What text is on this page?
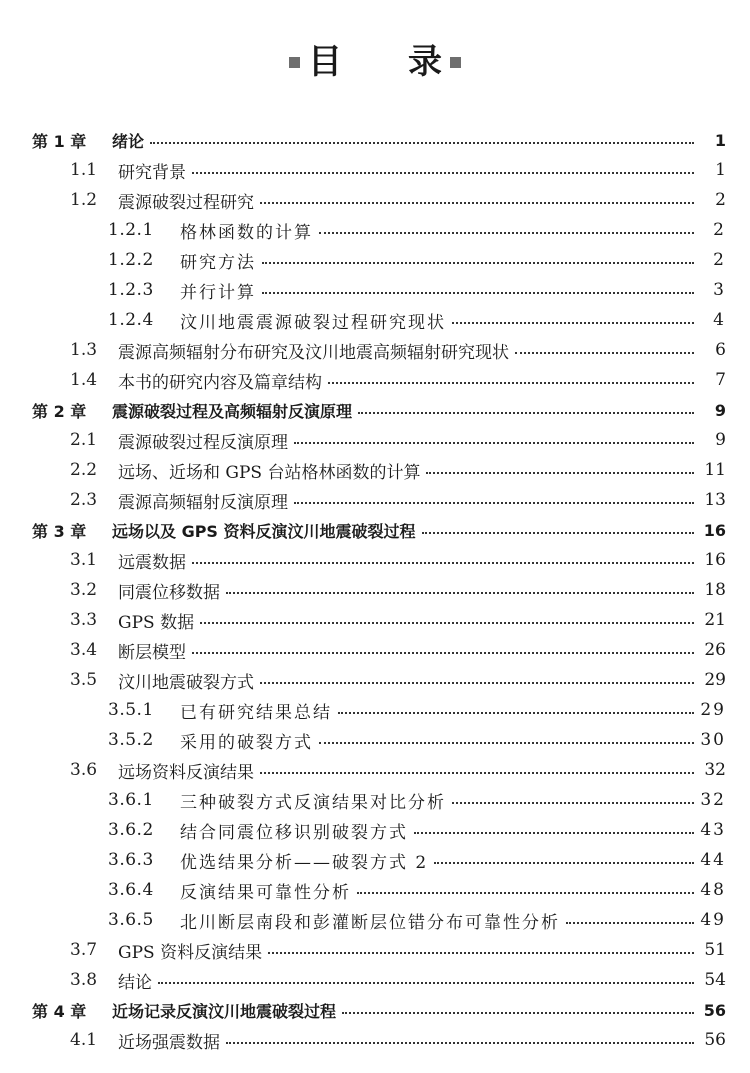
目 录
第 1 章	绪论	1
1.1	研究背景	1
1.2	震源破裂过程研究	2
1.2.1	格林函数的计算	2
1.2.2	研究方法	2
1.2.3	并行计算	3
1.2.4	汶川地震震源破裂过程研究现状	4
1.3	震源高频辐射分布研究及汶川地震高频辐射研究现状	6
1.4	本书的研究内容及篇章结构	7
第 2 章	震源破裂过程及高频辐射反演原理	9
2.1	震源破裂过程反演原理	9
2.2	远场、近场和 GPS 台站格林函数的计算	11
2.3	震源高频辐射反演原理	13
第 3 章	远场以及 GPS 资料反演汶川地震破裂过程	16
3.1	远震数据	16
3.2	同震位移数据	18
3.3	GPS 数据	21
3.4	断层模型	26
3.5	汶川地震破裂方式	29
3.5.1	已有研究结果总结	29
3.5.2	采用的破裂方式	30
3.6	远场资料反演结果	32
3.6.1	三种破裂方式反演结果对比分析	32
3.6.2	结合同震位移识别破裂方式	43
3.6.3	优选结果分析——破裂方式 2	44
3.6.4	反演结果可靠性分析	48
3.6.5	北川断层南段和彭灌断层位错分布可靠性分析	49
3.7	GPS 资料反演结果	51
3.8	结论	54
第 4 章	近场记录反演汶川地震破裂过程	56
4.1	近场强震数据	56
